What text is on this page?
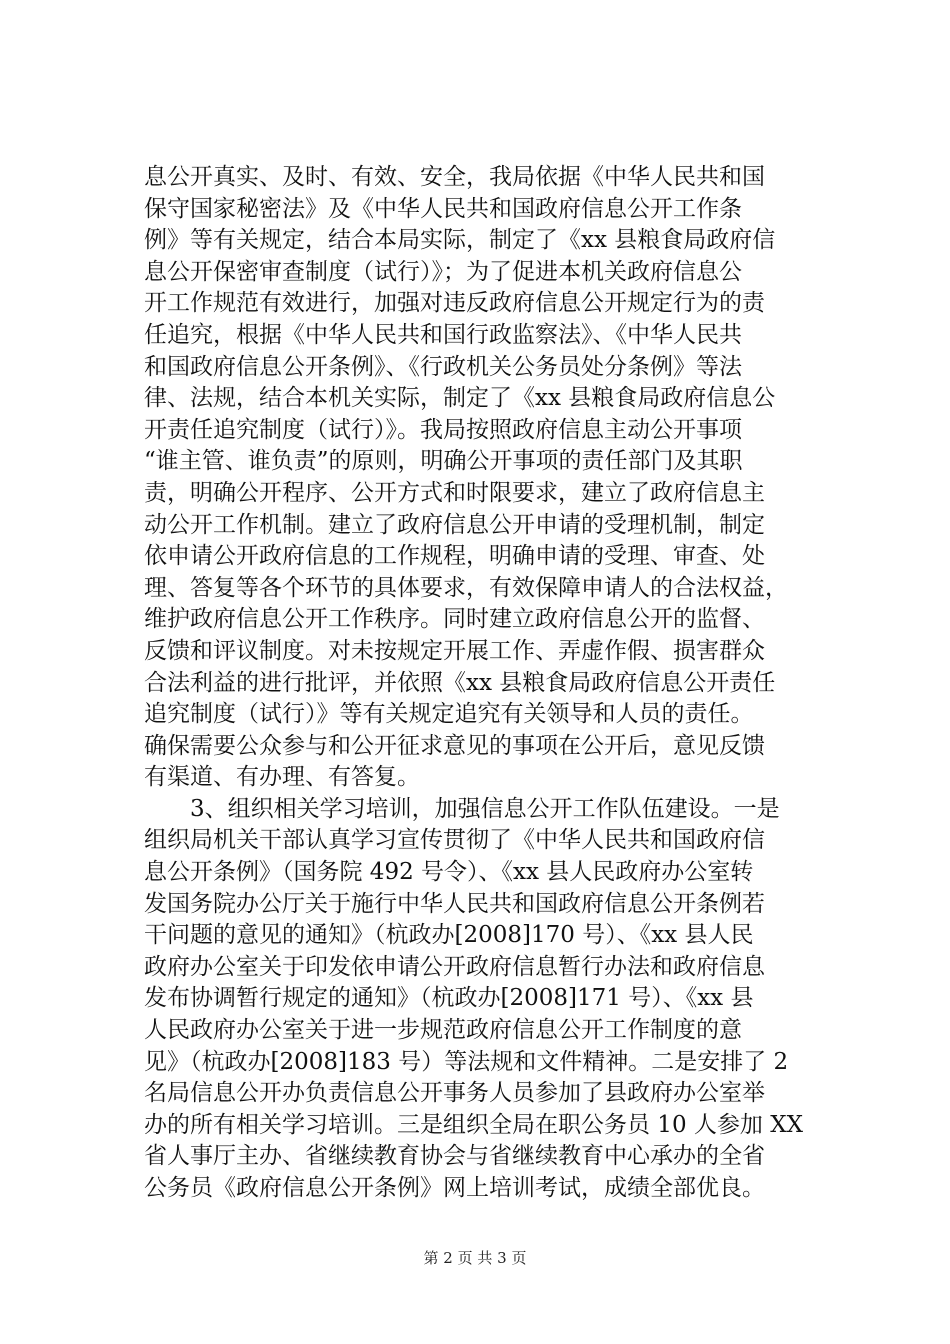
息公开真实、及时、有效、安全，我局依据《中华人民共和国
保守国家秘密法》及《中华人民共和国政府信息公开工作条
例》等有关规定，结合本局实际，制定了《xx 县粮食局政府信
息公开保密审查制度（试行）》；为了促进本机关政府信息公
开工作规范有效进行，加强对违反政府信息公开规定行为的责
任追究，根据《中华人民共和国行政监察法》、《中华人民共
和国政府信息公开条例》、《行政机关公务员处分条例》等法
律、法规，结合本机关实际，制定了《xx 县粮食局政府信息公
开责任追究制度（试行）》。我局按照政府信息主动公开事项
“谁主管、谁负责”的原则，明确公开事项的责任部门及其职
责，明确公开程序、公开方式和时限要求，建立了政府信息主
动公开工作机制。建立了政府信息公开申请的受理机制，制定
依申请公开政府信息的工作规程，明确申请的受理、审查、处
理、答复等各个环节的具体要求，有效保障申请人的合法权益，
维护政府信息公开工作秩序。同时建立政府信息公开的监督、
反馈和评议制度。对未按规定开展工作、弄虚作假、损害群众
合法利益的进行批评，并依照《xx 县粮食局政府信息公开责任
追究制度（试行）》等有关规定追究有关领导和人员的责任。
确保需要公众参与和公开征求意见的事项在公开后，意见反馈
有渠道、有办理、有答复。
　　3、组织相关学习培训，加强信息公开工作队伍建设。一是
组织局机关干部认真学习宣传贯彻了《中华人民共和国政府信
息公开条例》（国务院 492 号令）、《xx 县人民政府办公室转
发国务院办公厅关于施行中华人民共和国政府信息公开条例若
干问题的意见的通知》（杭政办[2008]170 号）、《xx 县人民
政府办公室关于印发依申请公开政府信息暂行办法和政府信息
发布协调暂行规定的通知》（杭政办[2008]171 号）、《xx 县
人民政府办公室关于进一步规范政府信息公开工作制度的意
见》（杭政办[2008]183 号）等法规和文件精神。二是安排了 2
名局信息公开办负责信息公开事务人员参加了县政府办公室举
办的所有相关学习培训。三是组织全局在职公务员 10 人参加 XX
省人事厅主办、省继续教育协会与省继续教育中心承办的全省
公务员《政府信息公开条例》网上培训考试，成绩全部优良。
第 2 页 共 3 页
